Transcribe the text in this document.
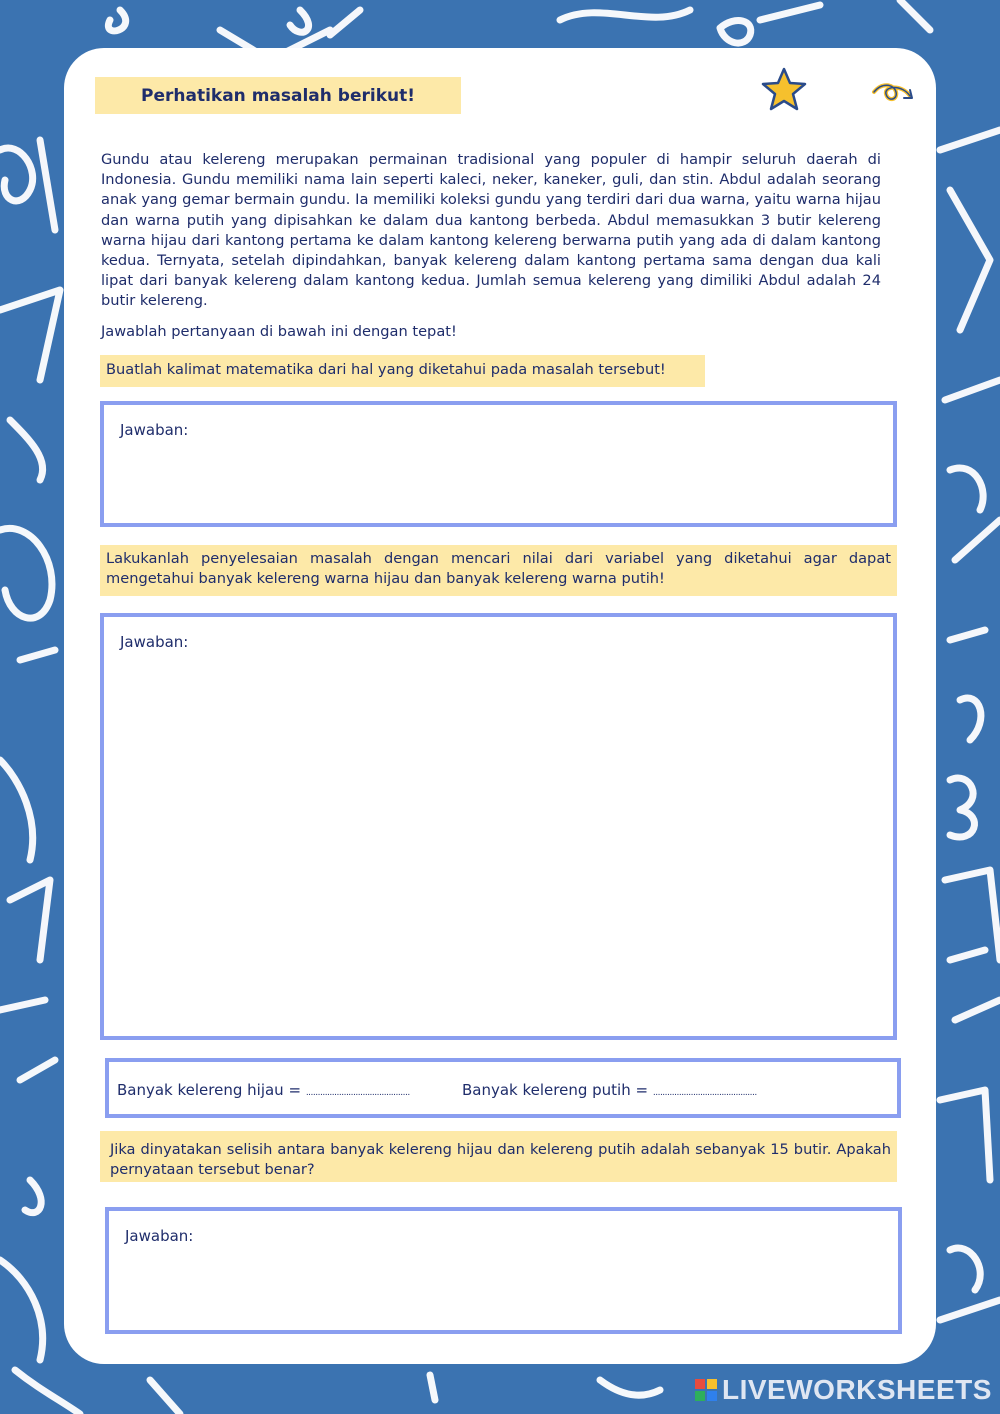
Perhatikan masalah berikut!

Gundu atau kelereng merupakan permainan tradisional yang populer di hampir seluruh daerah di Indonesia. Gundu memiliki nama lain seperti kaleci, neker, kaneker, guli, dan stin. Abdul adalah seorang anak yang gemar bermain gundu. Ia memiliki koleksi gundu yang terdiri dari dua warna, yaitu warna hijau dan warna putih yang dipisahkan ke dalam dua kantong berbeda. Abdul memasukkan 3 butir kelereng warna hijau dari kantong pertama ke dalam kantong kelereng berwarna putih yang ada di dalam kantong kedua. Ternyata, setelah dipindahkan, banyak kelereng dalam kantong pertama sama dengan dua kali lipat dari banyak kelereng dalam kantong kedua. Jumlah semua kelereng yang dimiliki Abdul adalah 24 butir kelereng.

Jawablah pertanyaan di bawah ini dengan tepat!

Buatlah kalimat matematika dari hal yang diketahui pada masalah tersebut!
Jawaban:
Lakukanlah penyelesaian masalah dengan mencari nilai dari variabel yang diketahui agar dapat mengetahui banyak kelereng warna hijau dan banyak kelereng warna putih!
Jawaban:
Banyak kelereng hijau = ............................................	Banyak kelereng putih = ............................................
Jika dinyatakan selisih antara banyak kelereng hijau dan kelereng putih adalah sebanyak 15 butir. Apakah pernyataan tersebut benar?
Jawaban:
LIVEWORKSHEETS
